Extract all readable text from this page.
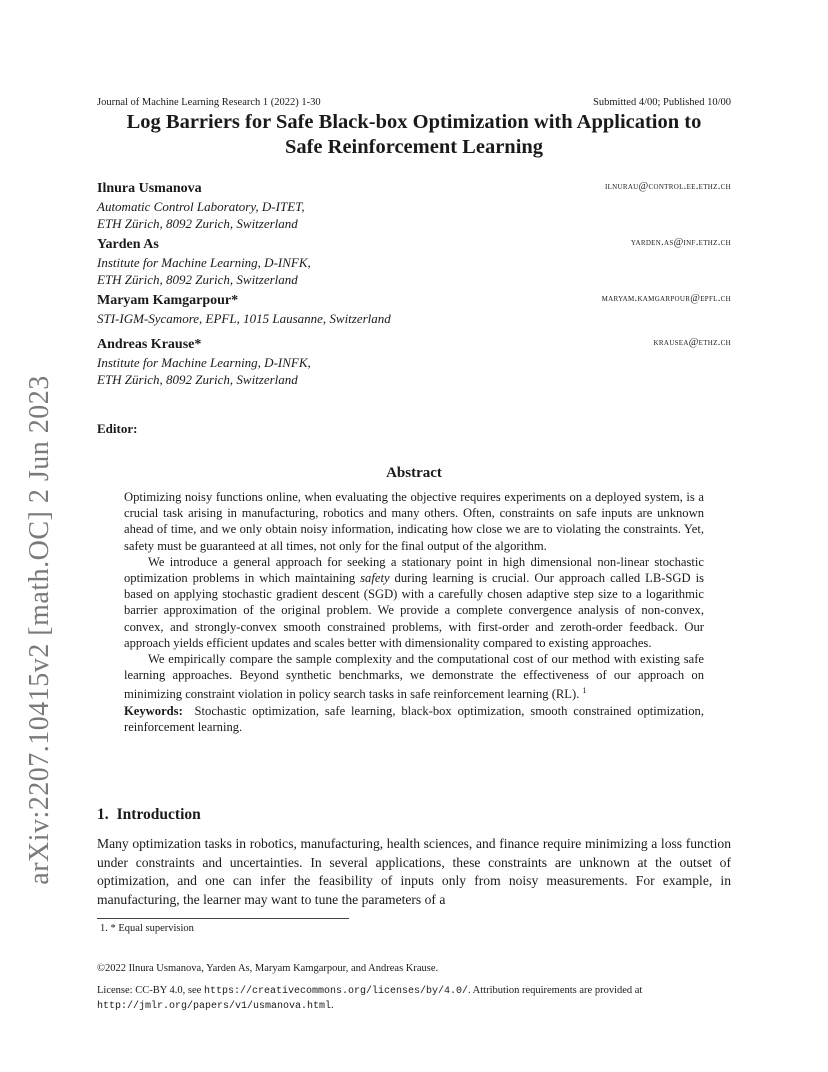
arXiv:2207.10415v2 [math.OC] 2 Jun 2023
Journal of Machine Learning Research 1 (2022) 1-30	Submitted 4/00; Published 10/00
Log Barriers for Safe Black-box Optimization with Application to
Safe Reinforcement Learning
Ilnura Usmanova	ilnurau@control.ee.ethz.ch
Automatic Control Laboratory, D-ITET,
ETH Zürich, 8092 Zurich, Switzerland
Yarden As	yarden.as@inf.ethz.ch
Institute for Machine Learning, D-INFK,
ETH Zürich, 8092 Zurich, Switzerland
Maryam Kamgarpour*	maryam.kamgarpour@epfl.ch
STI-IGM-Sycamore, EPFL, 1015 Lausanne, Switzerland
Andreas Krause*	krausea@ethz.ch
Institute for Machine Learning, D-INFK,
ETH Zürich, 8092 Zurich, Switzerland
Editor:
Abstract

Optimizing noisy functions online, when evaluating the objective requires experiments on a deployed system, is a crucial task arising in manufacturing, robotics and many others. Often, constraints on safe inputs are unknown ahead of time, and we only obtain noisy information, indicating how close we are to violating the constraints. Yet, safety must be guaranteed at all times, not only for the final output of the algorithm.

We introduce a general approach for seeking a stationary point in high dimensional non-linear stochastic optimization problems in which maintaining safety during learning is crucial. Our approach called LB-SGD is based on applying stochastic gradient descent (SGD) with a carefully chosen adaptive step size to a logarithmic barrier approximation of the original problem. We provide a complete convergence analysis of non-convex, convex, and strongly-convex smooth constrained problems, with first-order and zeroth-order feedback. Our approach yields efficient updates and scales better with dimensionality compared to existing approaches.

We empirically compare the sample complexity and the computational cost of our method with existing safe learning approaches. Beyond synthetic benchmarks, we demonstrate the effectiveness of our approach on minimizing constraint violation in policy search tasks in safe reinforcement learning (RL). $^1$

Keywords: Stochastic optimization, safe learning, black-box optimization, smooth constrained optimization, reinforcement learning.

1. Introduction
Many optimization tasks in robotics, manufacturing, health sciences, and finance require minimizing a loss function under constraints and uncertainties. In several applications, these constraints are unknown at the outset of optimization, and one can infer the feasibility of inputs only from noisy measurements. For example, in manufacturing, the learner may want to tune the parameters of a
1. * Equal supervision
©2022 Ilnura Usmanova, Yarden As, Maryam Kamgarpour, and Andreas Krause.
License: CC-BY 4.0, see https://creativecommons.org/licenses/by/4.0/. Attribution requirements are provided at
http://jmlr.org/papers/v1/usmanova.html.
